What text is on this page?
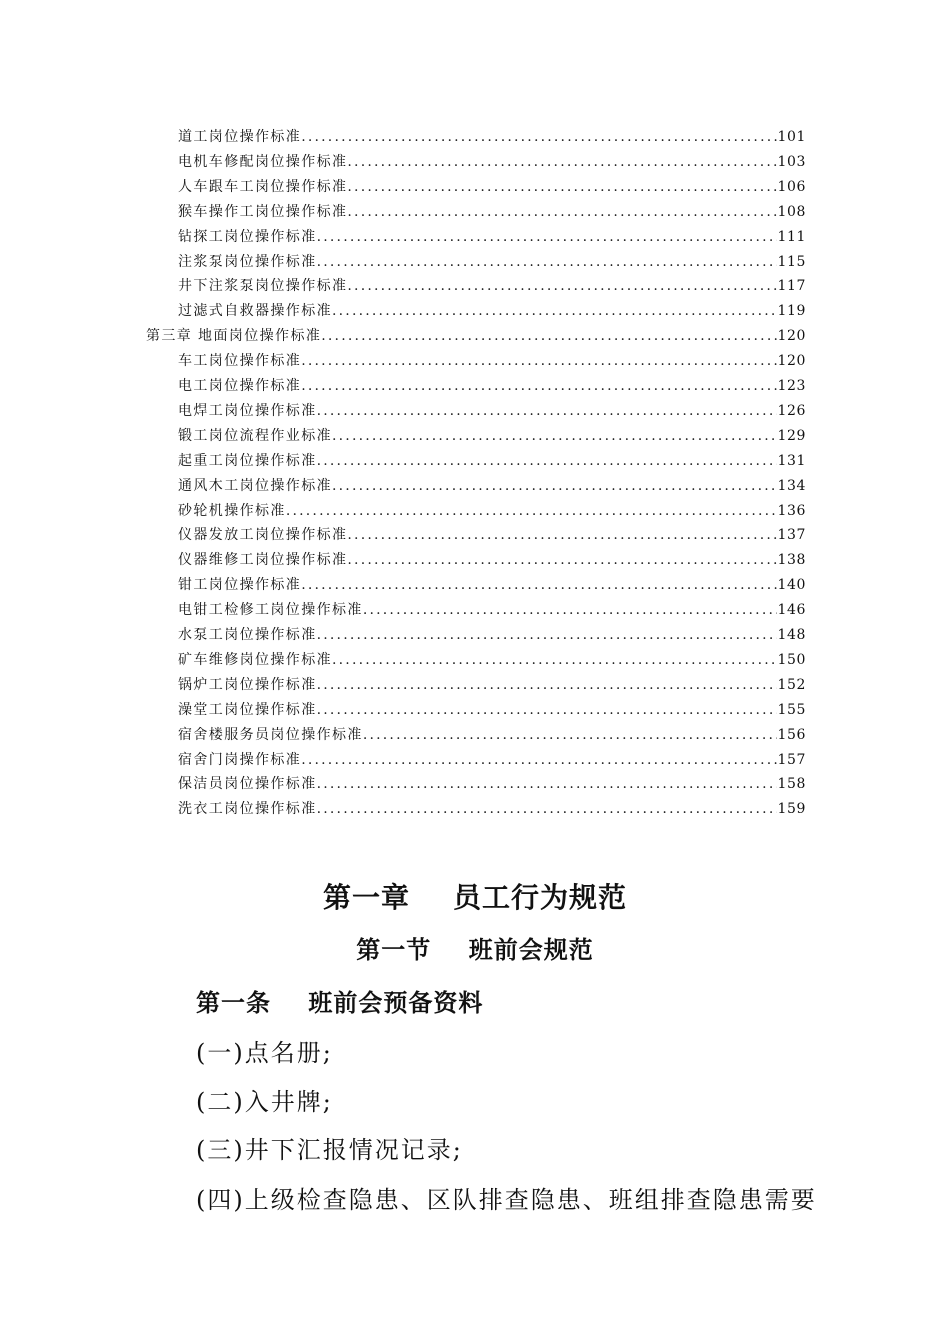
道工岗位操作标准 .....	101
电机车修配岗位操作标准 .....	103
人车跟车工岗位操作标准 .....	106
猴车操作工岗位操作标准 .....	108
钻探工岗位操作标准 .....	111
注浆泵岗位操作标准 .....	115
井下注浆泵岗位操作标准 .....	117
过滤式自救器操作标准 .....	119
第三章 地面岗位操作标准 .....	120
车工岗位操作标准 .....	120
电工岗位操作标准 .....	123
电焊工岗位操作标准 .....	126
锻工岗位流程作业标准 .....	129
起重工岗位操作标准 .....	131
通风木工岗位操作标准 .....	134
砂轮机操作标准 .....	136
仪器发放工岗位操作标准 .....	137
仪器维修工岗位操作标准 .....	138
钳工岗位操作标准 .....	140
电钳工检修工岗位操作标准 .....	146
水泵工岗位操作标准 .....	148
矿车维修岗位操作标准 .....	150
锅炉工岗位操作标准 .....	152
澡堂工岗位操作标准 .....	155
宿舍楼服务员岗位操作标准 .....	156
宿舍门岗操作标准 .....	157
保洁员岗位操作标准 .....	158
洗衣工岗位操作标准 .....	159
第一章    员工行为规范
第一节    班前会规范
第一条    班前会预备资料
(一)点名册;
(二)入井牌;
(三)井下汇报情况记录;
(四)上级检查隐患、区队排查隐患、班组排查隐患需要
